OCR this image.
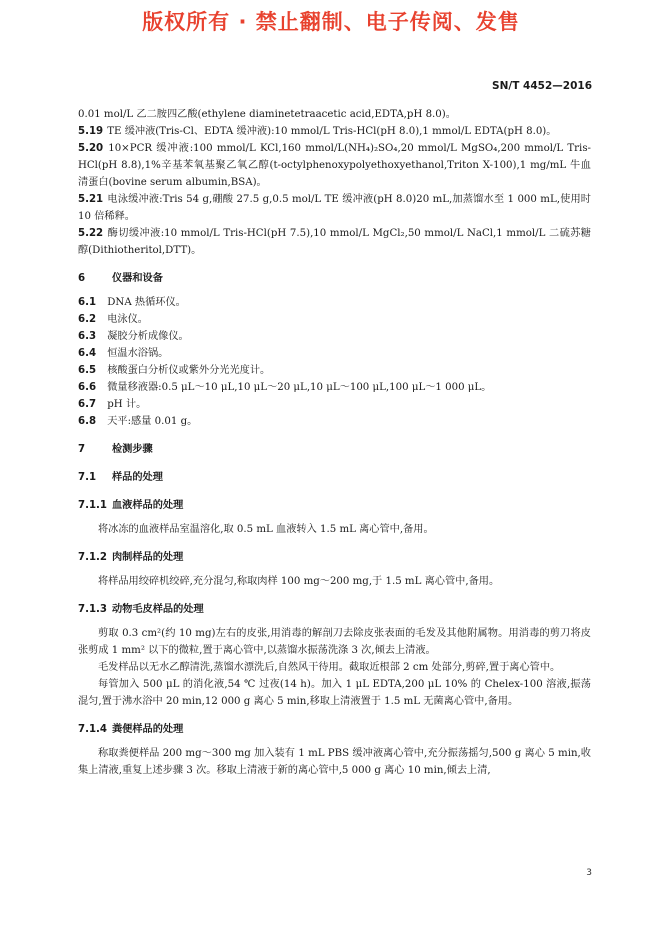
版权所有 · 禁止翻制、电子传阅、发售
SN/T 4452—2016

0.01 mol/L 乙二胺四乙酸(ethylene diaminetetraacetic acid,EDTA,pH 8.0)。

5.19 TE 缓冲液(Tris-Cl、EDTA 缓冲液):10 mmol/L Tris-HCl(pH 8.0),1 mmol/L EDTA(pH 8.0)。

5.20 10×PCR 缓冲液:100 mmol/L KCl,160 mmol/L(NH₄)₂SO₄,20 mmol/L MgSO₄,200 mmol/L Tris-HCl(pH 8.8),1%辛基苯氧基聚乙氧乙醇(t-octylphenoxypolyethoxyethanol,Triton X-100),1 mg/mL 牛血清蛋白(bovine serum albumin,BSA)。

5.21 电泳缓冲液:Tris 54 g,硼酸 27.5 g,0.5 mol/L TE 缓冲液(pH 8.0)20 mL,加蒸馏水至 1 000 mL,使用时 10 倍稀释。

5.22 酶切缓冲液:10 mmol/L Tris-HCl(pH 7.5),10 mmol/L MgCl₂,50 mmol/L NaCl,1 mmol/L 二硫苏糖醇(Dithiotheritol,DTT)。

6	仪器和设备

6.1 DNA 热循环仪。

6.2 电泳仪。

6.3 凝胶分析成像仪。

6.4 恒温水浴锅。

6.5 核酸蛋白分析仪或紫外分光光度计。

6.6 微量移液器:0.5 μL～10 μL,10 μL～20 μL,10 μL～100 μL,100 μL～1 000 μL。

6.7 pH 计。

6.8 天平:感量 0.01 g。

7	检测步骤

7.1 样品的处理

7.1.1 血液样品的处理

将冰冻的血液样品室温溶化,取 0.5 mL 血液转入 1.5 mL 离心管中,备用。

7.1.2 肉制样品的处理

将样品用绞碎机绞碎,充分混匀,称取肉样 100 mg～200 mg,于 1.5 mL 离心管中,备用。

7.1.3 动物毛皮样品的处理

剪取 0.3 cm²(约 10 mg)左右的皮张,用消毒的解剖刀去除皮张表面的毛发及其他附属物。用消毒的剪刀将皮张剪成 1 mm² 以下的微粒,置于离心管中,以蒸馏水振荡洗涤 3 次,倾去上清液。

毛发样品以无水乙醇清洗,蒸馏水漂洗后,自然风干待用。截取近根部 2 cm 处部分,剪碎,置于离心管中。

每管加入 500 μL 的消化液,54 ℃ 过夜(14 h)。加入 1 μL EDTA,200 μL 10% 的 Chelex-100 溶液,振荡混匀,置于沸水浴中 20 min,12 000 g 离心 5 min,移取上清液置于 1.5 mL 无菌离心管中,备用。

7.1.4 粪便样品的处理

称取粪便样品 200 mg～300 mg 加入装有 1 mL PBS 缓冲液离心管中,充分振荡摇匀,500 g 离心 5 min,收集上清液,重复上述步骤 3 次。移取上清液于新的离心管中,5 000 g 离心 10 min,倾去上清,

3
